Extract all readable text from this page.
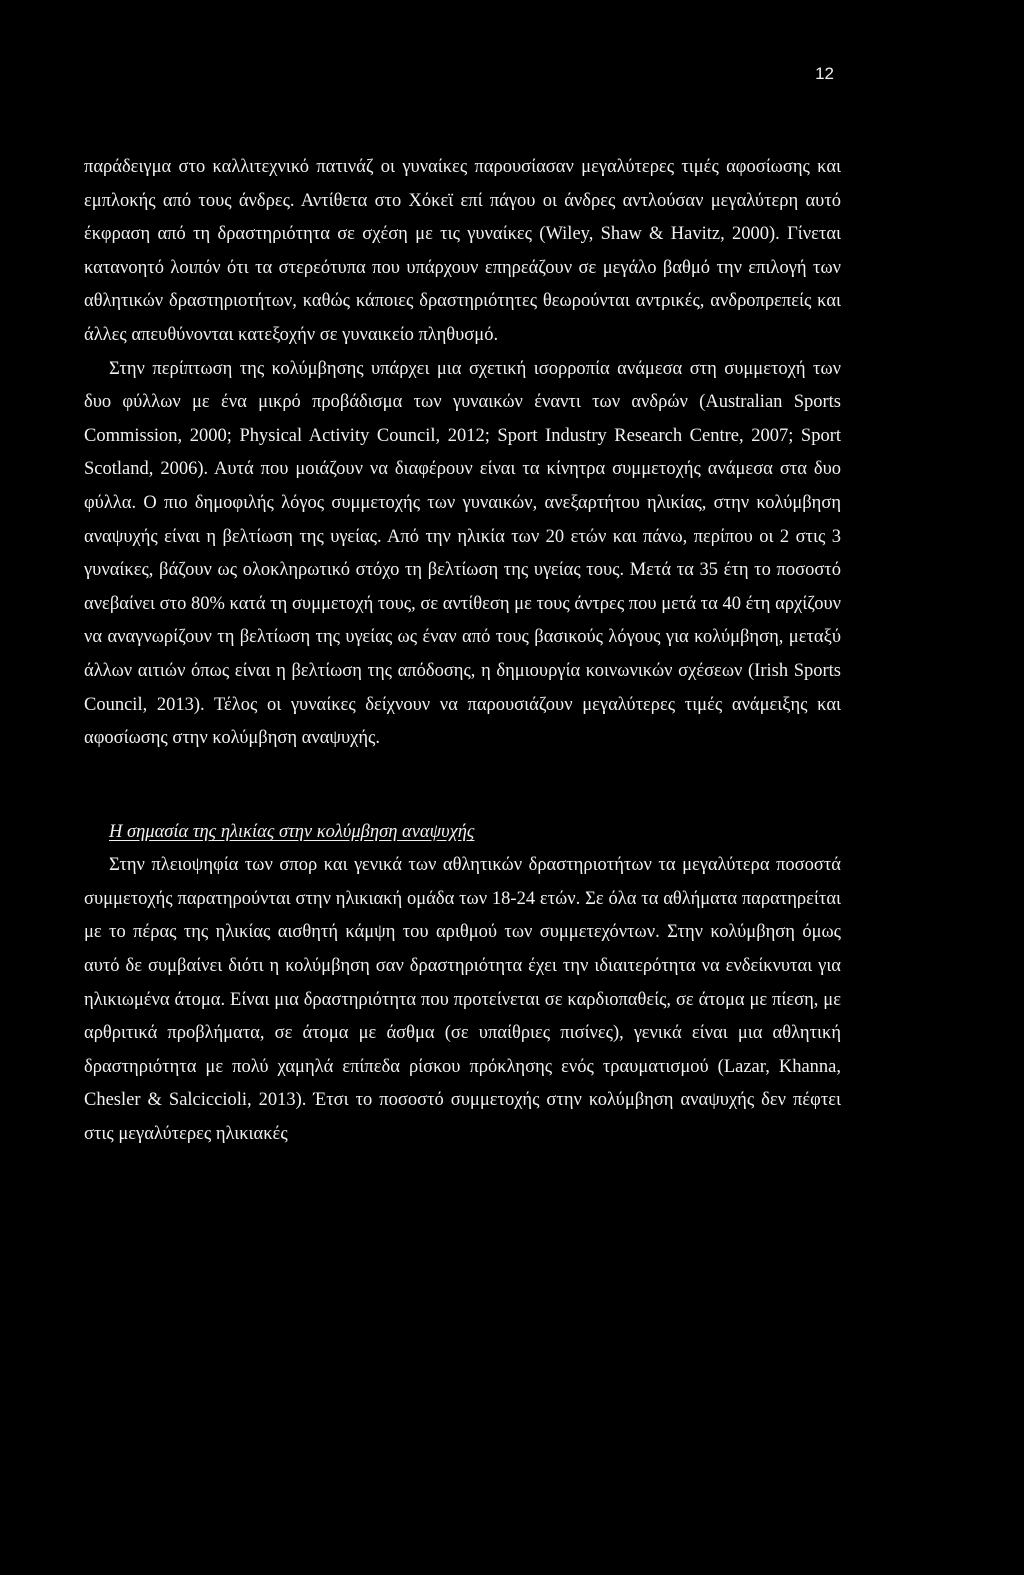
12

παράδειγμα στο καλλιτεχνικό πατινάζ οι γυναίκες παρουσίασαν μεγαλύτερες τιμές αφοσίωσης και εμπλοκής από τους άνδρες. Αντίθετα στο Χόκεϊ επί πάγου οι άνδρες αντλούσαν μεγαλύτερη αυτό έκφραση από τη δραστηριότητα σε σχέση με τις γυναίκες (Wiley, Shaw & Havitz, 2000). Γίνεται κατανοητό λοιπόν ότι τα στερεότυπα που υπάρχουν επηρεάζουν σε μεγάλο βαθμό την επιλογή των αθλητικών δραστηριοτήτων, καθώς κάποιες δραστηριότητες θεωρούνται αντρικές, ανδροπρεπείς και άλλες απευθύνονται κατεξοχήν σε γυναικείο πληθυσμό.

Στην περίπτωση της κολύμβησης υπάρχει μια σχετική ισορροπία ανάμεσα στη συμμετοχή των δυο φύλλων με ένα μικρό προβάδισμα των γυναικών έναντι των ανδρών (Australian Sports Commission, 2000; Physical Activity Council, 2012; Sport Industry Research Centre, 2007; Sport Scotland, 2006). Αυτά που μοιάζουν να διαφέρουν είναι τα κίνητρα συμμετοχής ανάμεσα στα δυο φύλλα. Ο πιο δημοφιλής λόγος συμμετοχής των γυναικών, ανεξαρτήτου ηλικίας, στην κολύμβηση αναψυχής είναι η βελτίωση της υγείας. Από την ηλικία των 20 ετών και πάνω, περίπου οι 2 στις 3 γυναίκες, βάζουν ως ολοκληρωτικό στόχο τη βελτίωση της υγείας τους. Μετά τα 35 έτη το ποσοστό ανεβαίνει στο 80% κατά τη συμμετοχή τους, σε αντίθεση με τους άντρες που μετά τα 40 έτη αρχίζουν να αναγνωρίζουν τη βελτίωση της υγείας ως έναν από τους βασικούς λόγους για κολύμβηση, μεταξύ άλλων αιτιών όπως είναι η βελτίωση της απόδοσης, η δημιουργία κοινωνικών σχέσεων (Irish Sports Council, 2013). Τέλος οι γυναίκες δείχνουν να παρουσιάζουν μεγαλύτερες τιμές ανάμειξης και αφοσίωσης στην κολύμβηση αναψυχής.

Η σημασία της ηλικίας στην κολύμβηση αναψυχής

Στην πλειοψηφία των σπορ και γενικά των αθλητικών δραστηριοτήτων τα μεγαλύτερα ποσοστά συμμετοχής παρατηρούνται στην ηλικιακή ομάδα των 18-24 ετών. Σε όλα τα αθλήματα παρατηρείται με το πέρας της ηλικίας αισθητή κάμψη του αριθμού των συμμετεχόντων. Στην κολύμβηση όμως αυτό δε συμβαίνει διότι η κολύμβηση σαν δραστηριότητα έχει την ιδιαιτερότητα να ενδείκνυται για ηλικιωμένα άτομα. Είναι μια δραστηριότητα που προτείνεται σε καρδιοπαθείς, σε άτομα με πίεση, με αρθριτικά προβλήματα, σε άτομα με άσθμα (σε υπαίθριες πισίνες), γενικά είναι μια αθλητική δραστηριότητα με πολύ χαμηλά επίπεδα ρίσκου πρόκλησης ενός τραυματισμού (Lazar, Khanna, Chesler & Salciccioli, 2013). Έτσι το ποσοστό συμμετοχής στην κολύμβηση αναψυχής δεν πέφτει στις μεγαλύτερες ηλικιακές
